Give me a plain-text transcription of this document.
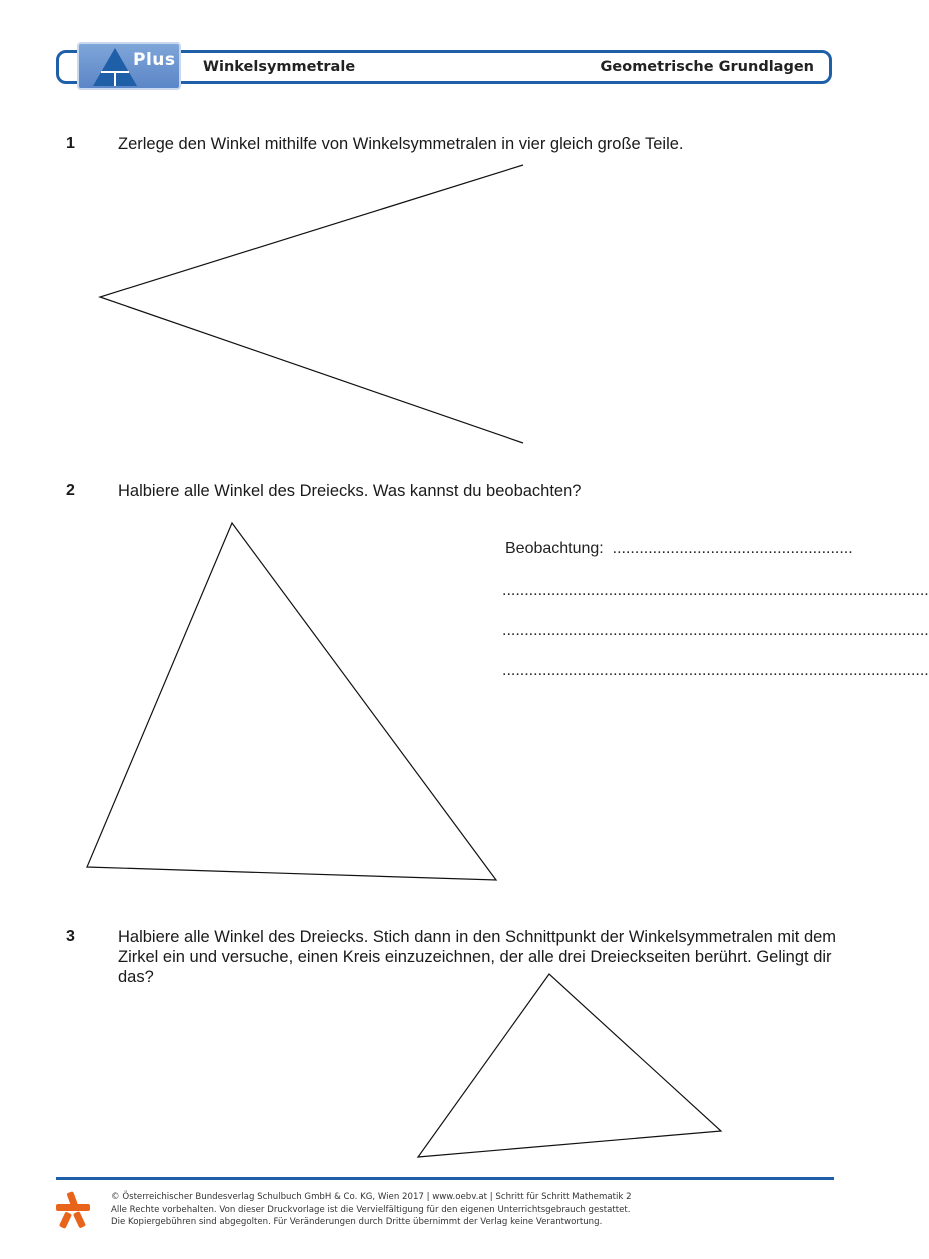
Plus Winkelsymmetrale	Geometrische Grundlagen
1	Zerlege den Winkel mithilfe von Winkelsymmetralen in vier gleich große Teile.
2	Halbiere alle Winkel des Dreiecks. Was kannst du beobachten?
Beobachtung: ......................................................
................................................................................................
................................................................................................
................................................................................................
3	Halbiere alle Winkel des Dreiecks. Stich dann in den Schnittpunkt der Winkelsymmetralen mit dem Zirkel ein und versuche, einen Kreis einzuzeichnen, der alle drei Dreieckseiten berührt. Gelingt dir das?
© Österreichischer Bundesverlag Schulbuch GmbH & Co. KG, Wien 2017 | www.oebv.at | Schritt für Schritt Mathematik 2
Alle Rechte vorbehalten. Von dieser Druckvorlage ist die Vervielfältigung für den eigenen Unterrichtsgebrauch gestattet.
Die Kopiergebühren sind abgegolten. Für Veränderungen durch Dritte übernimmt der Verlag keine Verantwortung.
